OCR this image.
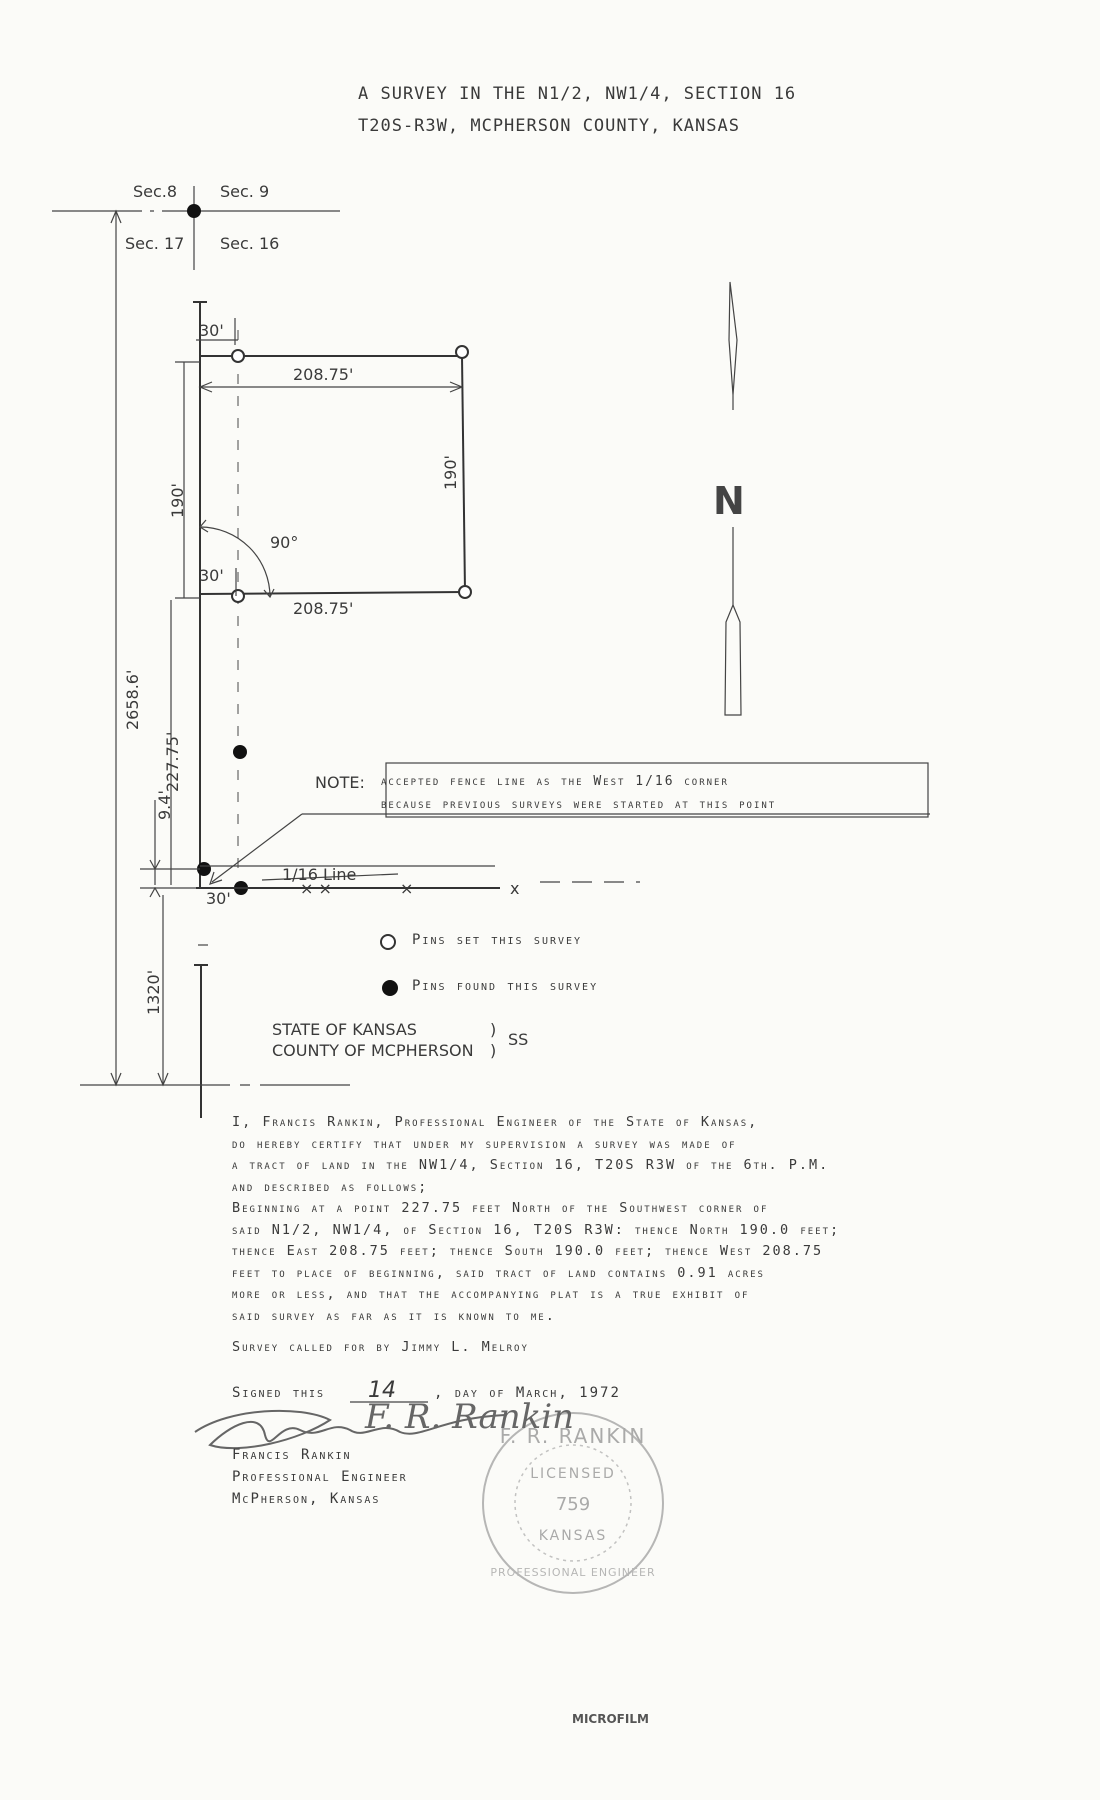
A SURVEY IN THE N1/2, NW1/4, SECTION 16
T20S-R3W, MCPHERSON COUNTY, KANSAS
Sec.8	Sec. 9
Sec. 17 Sec. 16
30'
208.75'
190'
190'
90°
30'
208.75'
2658.6'
227.75'
9.4'
1320'
30'
1/16 Line
× ×	×	x
N
F. R. RANKIN
LICENSED
759
KANSAS
PROFESSIONAL ENGINEER
F. R. Rankin
NOTE: accepted fence line as the West 1/16 corner
because previous surveys were started at this point
Pins set this survey
Pins found this survey
STATE OF KANSAS
COUNTY OF MCPHERSON
)
)
SS

I, Francis Rankin, Professional Engineer of the State of Kansas,

do hereby certify that under my supervision a survey was made of

a tract of land in the NW1/4, Section 16, T20S R3W of the 6th. P.M.

and described as follows;

Beginning at a point 227.75 feet North of the Southwest corner of

said N1/2, NW1/4, of Section 16, T20S R3W: thence North 190.0 feet;

thence East 208.75 feet; thence South 190.0 feet; thence West 208.75

feet to place of beginning, said tract of land contains 0.91 acres

more or less, and that the accompanying plat is a true exhibit of

said survey as far as it is known to me.

Survey called for by Jimmy L. Melroy

Signed this 14	, day of March, 1972
Francis Rankin
Professional Engineer
McPherson, Kansas
MICROFILM
